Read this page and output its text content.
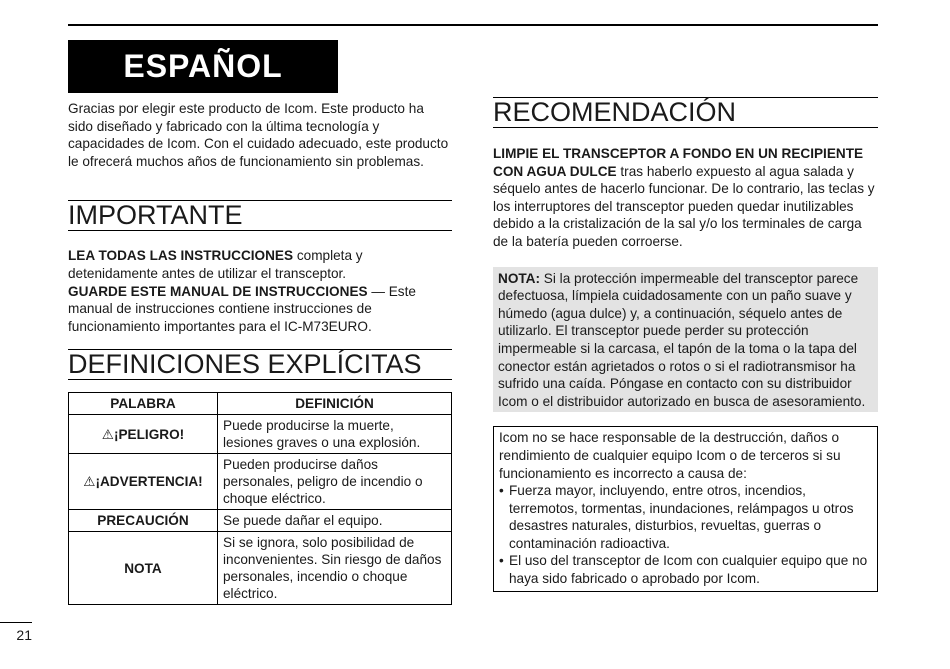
ESPAÑOL

Gracias por elegir este producto de Icom. Este producto ha sido diseñado y fabricado con la última tecnología y capacidades de Icom. Con el cuidado adecuado, este producto le ofrecerá muchos años de funcionamiento sin problemas.

IMPORTANTE

LEA TODAS LAS INSTRUCCIONES completa y detenidamente antes de utilizar el transceptor.

GUARDE ESTE MANUAL DE INSTRUCCIONES — Este manual de instrucciones contiene instrucciones de funcionamiento importantes para el IC-M73EURO.

DEFINICIONES EXPLÍCITAS
PALABRA	DEFINICIÓN
⚠¡PELIGRO!	Puede producirse la muerte, lesiones graves o una explosión.
⚠¡ADVERTENCIA!	Pueden producirse daños personales, peligro de incendio o choque eléctrico.
PRECAUCIÓN	Se puede dañar el equipo.
NOTA	Si se ignora, solo posibilidad de inconvenientes. Sin riesgo de daños personales, incendio o choque eléctrico.
RECOMENDACIÓN

LIMPIE EL TRANSCEPTOR A FONDO EN UN RECIPIENTE CON AGUA DULCE tras haberlo expuesto al agua salada y séquelo antes de hacerlo funcionar. De lo contrario, las teclas y los interruptores del transceptor pueden quedar inutilizables debido a la cristalización de la sal y/o los terminales de carga de la batería pueden corroerse.

NOTA: Si la protección impermeable del transceptor parece defectuosa, límpiela cuidadosamente con un paño suave y húmedo (agua dulce) y, a continuación, séquelo antes de utilizarlo. El transceptor puede perder su protección impermeable si la carcasa, el tapón de la toma o la tapa del conector están agrietados o rotos o si el radiotransmisor ha sufrido una caída. Póngase en contacto con su distribuidor Icom o el distribuidor autorizado en busca de asesoramiento.

Icom no se hace responsable de la destrucción, daños o rendimiento de cualquier equipo Icom o de terceros si su funcionamiento es incorrecto a causa de:

• Fuerza mayor, incluyendo, entre otros, incendios, terremotos, tormentas, inundaciones, relámpagos u otros desastres naturales, disturbios, revueltas, guerras o contaminación radioactiva.
• El uso del transceptor de Icom con cualquier equipo que no haya sido fabricado o aprobado por Icom.
21
